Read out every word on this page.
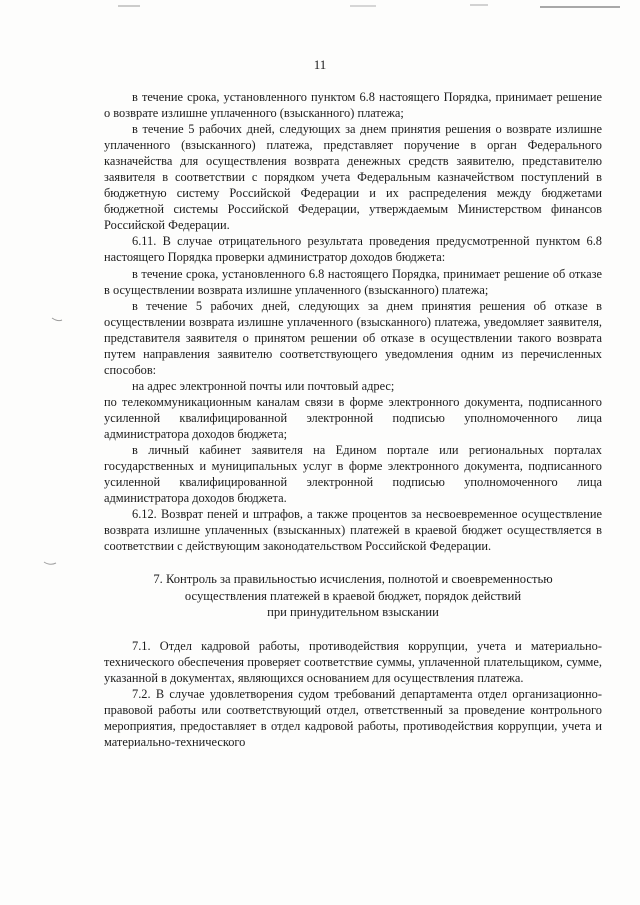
11

в течение срока, установленного пунктом 6.8 настоящего Порядка, принимает решение о возврате излишне уплаченного (взысканного) платежа;

в течение 5 рабочих дней, следующих за днем принятия решения о возврате излишне уплаченного (взысканного) платежа, представляет поручение в орган Федерального казначейства для осуществления возврата денежных средств заявителю, представителю заявителя в соответствии с порядком учета Федеральным казначейством поступлений в бюджетную систему Российской Федерации и их распределения между бюджетами бюджетной системы Российской Федерации, утверждаемым Министерством финансов Российской Федерации.

6.11. В случае отрицательного результата проведения предусмотренной пунктом 6.8 настоящего Порядка проверки администратор доходов бюджета:

в течение срока, установленного 6.8 настоящего Порядка, принимает решение об отказе в осуществлении возврата излишне уплаченного (взысканного) платежа;

в течение 5 рабочих дней, следующих за днем принятия решения об отказе в осуществлении возврата излишне уплаченного (взысканного) платежа, уведомляет заявителя, представителя заявителя о принятом решении об отказе в осуществлении такого возврата путем направления заявителю соответствующего уведомления одним из перечисленных способов:

на адрес электронной почты или почтовый адрес;

по телекоммуникационным каналам связи в форме электронного документа, подписанного усиленной квалифицированной электронной подписью уполномоченного лица администратора доходов бюджета;

в личный кабинет заявителя на Едином портале или региональных порталах государственных и муниципальных услуг в форме электронного документа, подписанного усиленной квалифицированной электронной подписью уполномоченного лица администратора доходов бюджета.

6.12. Возврат пеней и штрафов, а также процентов за несвоевременное осуществление возврата излишне уплаченных (взысканных) платежей в краевой бюджет осуществляется в соответствии с действующим законодательством Российской Федерации.

7. Контроль за правильностью исчисления, полнотой и своевременностью
осуществления платежей в краевой бюджет, порядок действий
при принудительном взыскании

7.1. Отдел кадровой работы, противодействия коррупции, учета и материально-технического обеспечения проверяет соответствие суммы, уплаченной плательщиком, сумме, указанной в документах, являющихся основанием для осуществления платежа.

7.2. В случае удовлетворения судом требований департамента отдел организационно-правовой работы или соответствующий отдел, ответственный за проведение контрольного мероприятия, предоставляет в отдел кадровой работы, противодействия коррупции, учета и материально-технического
